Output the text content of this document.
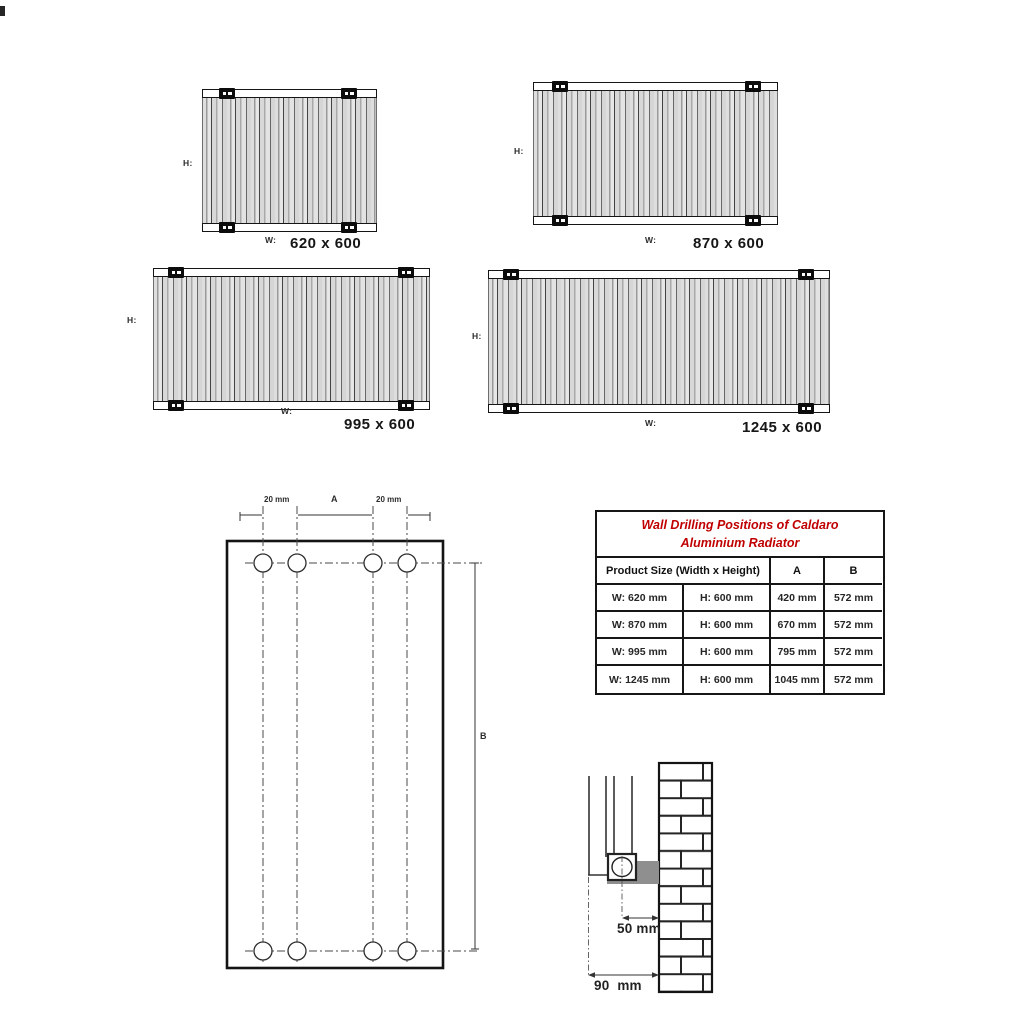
H:
W: 620 x 600
H:
W: 870 x 600
H:
W:
995 x 600
H:
W:	1245 x 600
20 mm	A	20 mm
B
50 mm
90  mm
Wall Drilling Positions of Caldaro
Aluminium Radiator
Product Size (Width x Height)	A	B
W: 620 mm	H: 600 mm	420 mm	572 mm
W: 870 mm	H: 600 mm	670 mm	572 mm
W: 995 mm	H: 600 mm	795 mm	572 mm
W: 1245 mm	H: 600 mm	1045 mm	572 mm
